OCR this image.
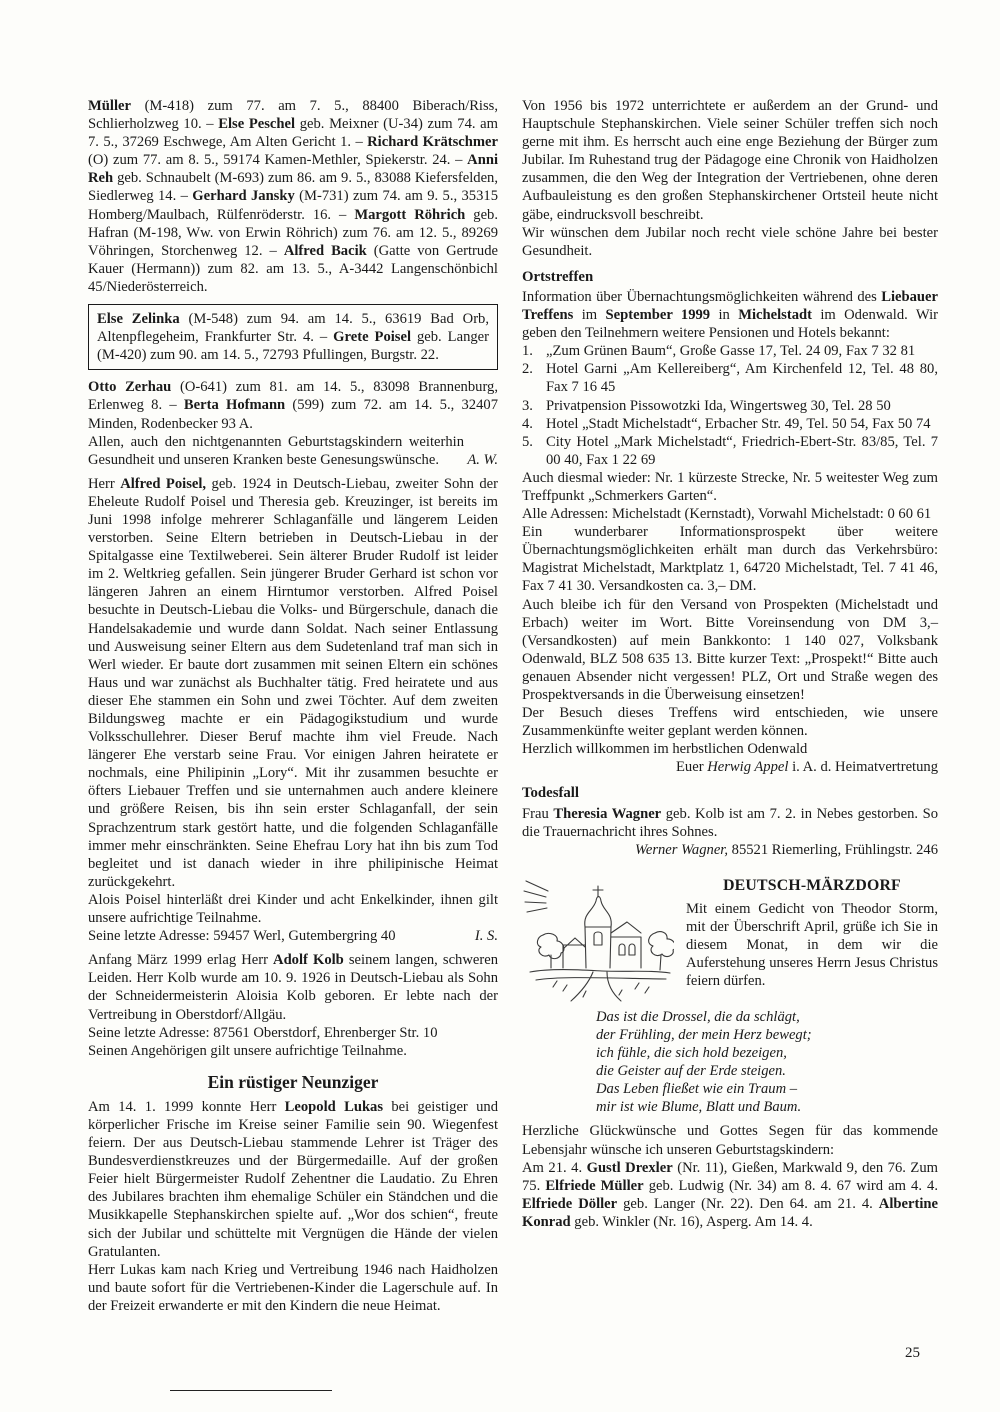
Müller (M-418) zum 77. am 7. 5., 88400 Biberach/Riss, Schlierholzweg 10. – Else Peschel geb. Meixner (U-34) zum 74. am 7. 5., 37269 Eschwege, Am Alten Gericht 1. – Richard Krätschmer (O) zum 77. am 8. 5., 59174 Kamen-Methler, Spiekerstr. 24. – Anni Reh geb. Schnaubelt (M-693) zum 86. am 9. 5., 83088 Kiefersfelden, Siedlerweg 14. – Gerhard Jansky (M-731) zum 74. am 9. 5., 35315 Homberg/Maulbach, Rülfenröderstr. 16. – Margott Röhrich geb. Hafran (M-198, Ww. von Erwin Röhrich) zum 76. am 12. 5., 89269 Vöhringen, Storchenweg 12. – Alfred Bacik (Gatte von Gertrude Kauer (Hermann)) zum 82. am 13. 5., A-3442 Langenschönbichl 45/Niederösterreich.

Else Zelinka (M-548) zum 94. am 14. 5., 63619 Bad Orb, Altenpflegeheim, Frankfurter Str. 4. – Grete Poisel geb. Langer (M-420) zum 90. am 14. 5., 72793 Pfullingen, Burgstr. 22.

Otto Zerhau (O-641) zum 81. am 14. 5., 83098 Brannenburg, Erlenweg 8. – Berta Hofmann (599) zum 72. am 14. 5., 32407 Minden, Rodenbecker 93 A.

Allen, auch den nichtgenannten Geburtstagskindern weiterhin Gesundheit und unseren Kranken beste Genesungswünsche. A. W.

Herr Alfred Poisel, geb. 1924 in Deutsch-Liebau, zweiter Sohn der Eheleute Rudolf Poisel und Theresia geb. Kreuzinger, ist bereits im Juni 1998 infolge mehrerer Schlaganfälle und längerem Leiden verstorben. Seine Eltern betrieben in Deutsch-Liebau in der Spitalgasse eine Textilweberei. Sein älterer Bruder Rudolf ist leider im 2. Weltkrieg gefallen. Sein jüngerer Bruder Gerhard ist schon vor längeren Jahren an einem Hirntumor verstorben. Alfred Poisel besuchte in Deutsch-Liebau die Volks- und Bürgerschule, danach die Handelsakademie und wurde dann Soldat. Nach seiner Entlassung und Ausweisung seiner Eltern aus dem Sudetenland traf man sich in Werl wieder. Er baute dort zusammen mit seinen Eltern ein schönes Haus und war zunächst als Buchhalter tätig. Fred heiratete und aus dieser Ehe stammen ein Sohn und zwei Töchter. Auf dem zweiten Bildungsweg machte er ein Pädagogikstudium und wurde Volksschullehrer. Dieser Beruf machte ihm viel Freude. Nach längerer Ehe verstarb seine Frau. Vor einigen Jahren heiratete er nochmals, eine Philipinin „Lory“. Mit ihr zusammen besuchte er öfters Liebauer Treffen und sie unternahmen auch andere kleinere und größere Reisen, bis ihn sein erster Schlaganfall, der sein Sprachzentrum stark gestört hatte, und die folgenden Schlaganfälle immer mehr einschränkten. Seine Ehefrau Lory hat ihn bis zum Tod begleitet und ist danach wieder in ihre philipinische Heimat zurückgekehrt.

Alois Poisel hinterläßt drei Kinder und acht Enkelkinder, ihnen gilt unsere aufrichtige Teilnahme.

Seine letzte Adresse: 59457 Werl, Gutembergring 40	I. S.

Anfang März 1999 erlag Herr Adolf Kolb seinem langen, schweren Leiden. Herr Kolb wurde am 10. 9. 1926 in Deutsch-Liebau als Sohn der Schneidermeisterin Aloisia Kolb geboren. Er lebte nach der Vertreibung in Oberstdorf/Allgäu.

Seine letzte Adresse: 87561 Oberstdorf, Ehrenberger Str. 10

Seinen Angehörigen gilt unsere aufrichtige Teilnahme.

Ein rüstiger Neunziger

Am 14. 1. 1999 konnte Herr Leopold Lukas bei geistiger und körperlicher Frische im Kreise seiner Familie sein 90. Wiegenfest feiern. Der aus Deutsch-Liebau stammende Lehrer ist Träger des Bundesverdienstkreuzes und der Bürgermedaille. Auf der großen Feier hielt Bürgermeister Rudolf Zehentner die Laudatio. Zu Ehren des Jubilares brachten ihm ehemalige Schüler ein Ständchen und die Musikkapelle Stephanskirchen spielte auf. „Wor dos schien“, freute sich der Jubilar und schüttelte mit Vergnügen die Hände der vielen Gratulanten.

Herr Lukas kam nach Krieg und Vertreibung 1946 nach Haidholzen und baute sofort für die Vertriebenen-Kinder die Lagerschule auf. In der Freizeit erwanderte er mit den Kindern die neue Heimat.

Von 1956 bis 1972 unterrichtete er außerdem an der Grund- und Hauptschule Stephanskirchen. Viele seiner Schüler treffen sich noch gerne mit ihm. Es herrscht auch eine enge Beziehung der Bürger zum Jubilar. Im Ruhestand trug der Pädagoge eine Chronik von Haidholzen zusammen, die den Weg der Integration der Vertriebenen, ohne deren Aufbauleistung es den großen Stephanskirchener Ortsteil heute nicht gäbe, eindrucksvoll beschreibt.

Wir wünschen dem Jubilar noch recht viele schöne Jahre bei bester Gesundheit.

Ortstreffen

Information über Übernachtungsmöglichkeiten während des Liebauer Treffens im September 1999 in Michelstadt im Odenwald. Wir geben den Teilnehmern weitere Pensionen und Hotels bekannt:

1. „Zum Grünen Baum“, Große Gasse 17, Tel. 24 09, Fax 7 32 81
2. Hotel Garni „Am Kellereiberg“, Am Kirchenfeld 12, Tel. 48 80, Fax 7 16 45
3. Privatpension Pissowotzki Ida, Wingertsweg 30, Tel. 28 50
4. Hotel „Stadt Michelstadt“, Erbacher Str. 49, Tel. 50 54, Fax 50 74
5. City Hotel „Mark Michelstadt“, Friedrich-Ebert-Str. 83/85, Tel. 7 00 40, Fax 1 22 69

Auch diesmal wieder: Nr. 1 kürzeste Strecke, Nr. 5 weitester Weg zum Treffpunkt „Schmerkers Garten“.

Alle Adressen: Michelstadt (Kernstadt), Vorwahl Michelstadt: 0 60 61

Ein wunderbarer Informationsprospekt über weitere Übernachtungsmöglichkeiten erhält man durch das Verkehrsbüro: Magistrat Michelstadt, Marktplatz 1, 64720 Michelstadt, Tel. 7 41 46, Fax 7 41 30. Versandkosten ca. 3,– DM.

Auch bleibe ich für den Versand von Prospekten (Michelstadt und Erbach) weiter im Wort. Bitte Voreinsendung von DM 3,– (Versandkosten) auf mein Bankkonto: 1 140 027, Volksbank Odenwald, BLZ 508 635 13. Bitte kurzer Text: „Prospekt!“ Bitte auch genauen Absender nicht vergessen! PLZ, Ort und Straße wegen des Prospektversands in die Überweisung einsetzen!

Der Besuch dieses Treffens wird entschieden, wie unsere Zusammenkünfte weiter geplant werden können.

Herzlich willkommen im herbstlichen Odenwald

Euer Herwig Appel i. A. d. Heimatvertretung

Todesfall

Frau Theresia Wagner geb. Kolb ist am 7. 2. in Nebes gestorben. So die Trauernachricht ihres Sohnes.

Werner Wagner, 85521 Riemerling, Frühlingstr. 246

DEUTSCH-MÄRZDORF

Mit einem Gedicht von Theodor Storm, mit der Überschrift April, grüße ich Sie in diesem Monat, in dem wir die Auferstehung unseres Herrn Jesus Christus feiern dürfen.

Das ist die Drossel, die da schlägt,
der Frühling, der mein Herz bewegt;
ich fühle, die sich hold bezeigen,
die Geister auf der Erde steigen.
Das Leben fließet wie ein Traum –
mir ist wie Blume, Blatt und Baum.

Herzliche Glückwünsche und Gottes Segen für das kommende Lebensjahr wünsche ich unseren Geburtstagskindern:

Am 21. 4. Gustl Drexler (Nr. 11), Gießen, Markwald 9, den 76. Zum 75. Elfriede Müller geb. Ludwig (Nr. 34) am 8. 4. 67 wird am 4. 4. Elfriede Döller geb. Langer (Nr. 22). Den 64. am 21. 4. Albertine Konrad geb. Winkler (Nr. 16), Asperg. Am 14. 4.

25
